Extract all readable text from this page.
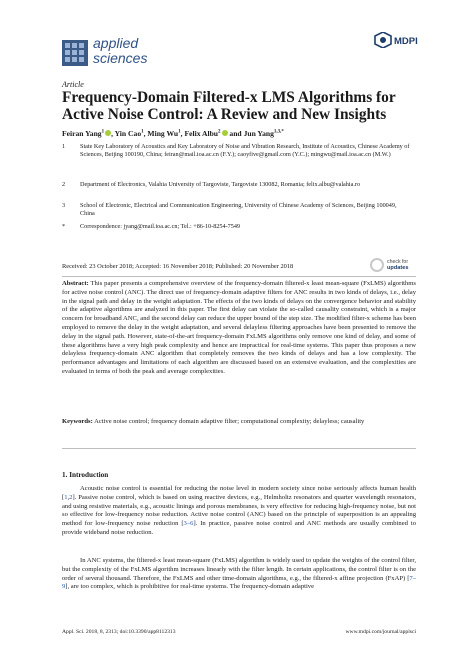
applied
sciences
MDPI
Article
Frequency-Domain Filtered-x LMS Algorithms for Active Noise Control: A Review and New Insights
Feiran Yang$^1$ , Yin Cao$^1$, Ming Wu$^1$, Felix Albu$^2$ and Jun Yang$^{1,3,*}$
1 State Key Laboratory of Acoustics and Key Laboratory of Noise and Vibration Research, Institute of Acoustics, Chinese Academy of Sciences, Beijing 100190, China; feiran@mail.ioa.ac.cn (F.Y.); caoyfive@gmail.com (Y.C.); mingwu@mail.ioa.ac.cn (M.W.)
2 Department of Electronics, Valahia University of Targoviste, Targoviste 130082, Romania; felix.albu@valahia.ro
3 School of Electronic, Electrical and Communication Engineering, University of Chinese Academy of Sciences, Beijing 100049, China
* Correspondence: jyang@mail.ioa.ac.cn; Tel.: +86-10-8254-7549
Received: 23 October 2018; Accepted: 16 November 2018; Published: 20 November 2018
check for
updates
Abstract: This paper presents a comprehensive overview of the frequency-domain filtered-x least mean-square (FxLMS) algorithms for active noise control (ANC). The direct use of frequency-domain adaptive filters for ANC results in two kinds of delays, i.e., delay in the signal path and delay in the weight adaptation. The effects of the two kinds of delays on the convergence behavior and stability of the adaptive algorithms are analyzed in this paper. The first delay can violate the so-called causality constraint, which is a major concern for broadband ANC, and the second delay can reduce the upper bound of the step size. The modified filter-x scheme has been employed to remove the delay in the weight adaptation, and several delayless filtering approaches have been presented to remove the delay in the signal path. However, state-of-the-art frequency-domain FxLMS algorithms only remove one kind of delay, and some of these algorithms have a very high peak complexity and hence are impractical for real-time systems. This paper thus proposes a new delayless frequency-domain ANC algorithm that completely removes the two kinds of delays and has a low complexity. The performance advantages and limitations of each algorithm are discussed based on an extensive evaluation, and the complexities are evaluated in terms of both the peak and average complexities.
Keywords: Active noise control; frequency domain adaptive filter; computational complexity; delayless; causality
1. Introduction
Acoustic noise control is essential for reducing the noise level in modern society since noise seriously affects human health [1,2]. Passive noise control, which is based on using reactive devices, e.g., Helmholtz resonators and quarter wavelength resonators, and using resistive materials, e.g., acoustic linings and porous membranes, is very effective for reducing high-frequency noise, but not so effective for low-frequency noise reduction. Active noise control (ANC) based on the principle of superposition is an appealing method for low-frequency noise reduction [3–6]. In practice, passive noise control and ANC methods are usually combined to provide wideband noise reduction.
In ANC systems, the filtered-x least mean-square (FxLMS) algorithm is widely used to update the weights of the control filter, but the complexity of the FxLMS algorithm increases linearly with the filter length. In certain applications, the control filter is on the order of several thousand. Therefore, the FxLMS and other time-domain algorithms, e.g., the filtered-x affine projection (FxAP) [7–9], are too complex, which is prohibitive for real-time systems. The frequency-domain adaptive
Appl. Sci. 2018, 8, 2313; doi:10.3390/app8112313	www.mdpi.com/journal/applsci
